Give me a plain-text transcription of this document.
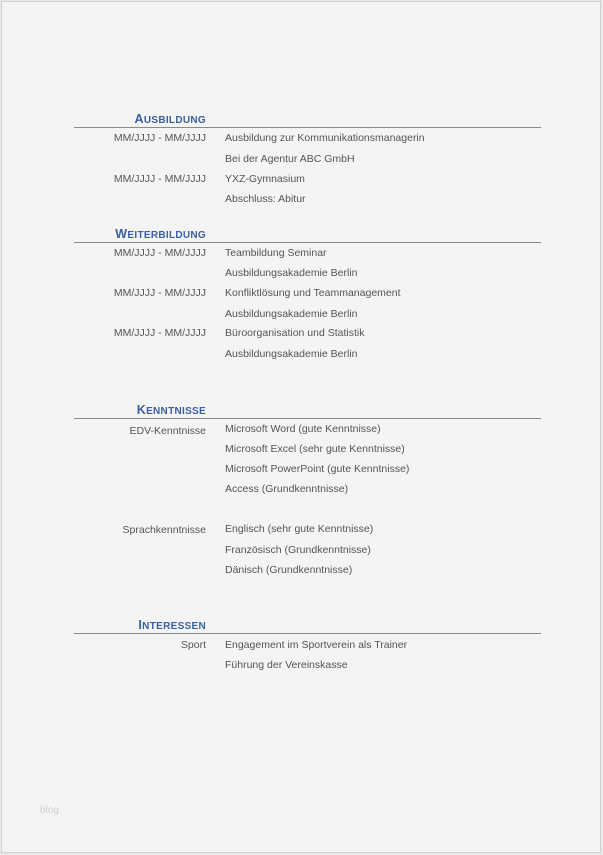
AUSBILDUNG
MM/JJJJ - MM/JJJJ Ausbildung zur Kommunikationsmanagerin
Bei der Agentur ABC GmbH
MM/JJJJ - MM/JJJJ YXZ-Gymnasium
Abschluss: Abitur
WEITERBILDUNG
MM/JJJJ - MM/JJJJ Teambildung Seminar
Ausbildungsakademie Berlin
MM/JJJJ - MM/JJJJ Konfliktlösung und Teammanagement
Ausbildungsakademie Berlin
MM/JJJJ - MM/JJJJ Büroorganisation und Statistik
Ausbildungsakademie Berlin
KENNTNISSE
EDV-Kenntnisse Microsoft Word (gute Kenntnisse)
Microsoft Excel (sehr gute Kenntnisse)
Microsoft PowerPoint (gute Kenntnisse)
Access (Grundkenntnisse)
Sprachkenntnisse Englisch (sehr gute Kenntnisse)
Französisch (Grundkenntnisse)
Dänisch (Grundkenntnisse)
INTERESSEN
Sport Engagement im Sportverein als Trainer
Führung der Vereinskasse
blog
